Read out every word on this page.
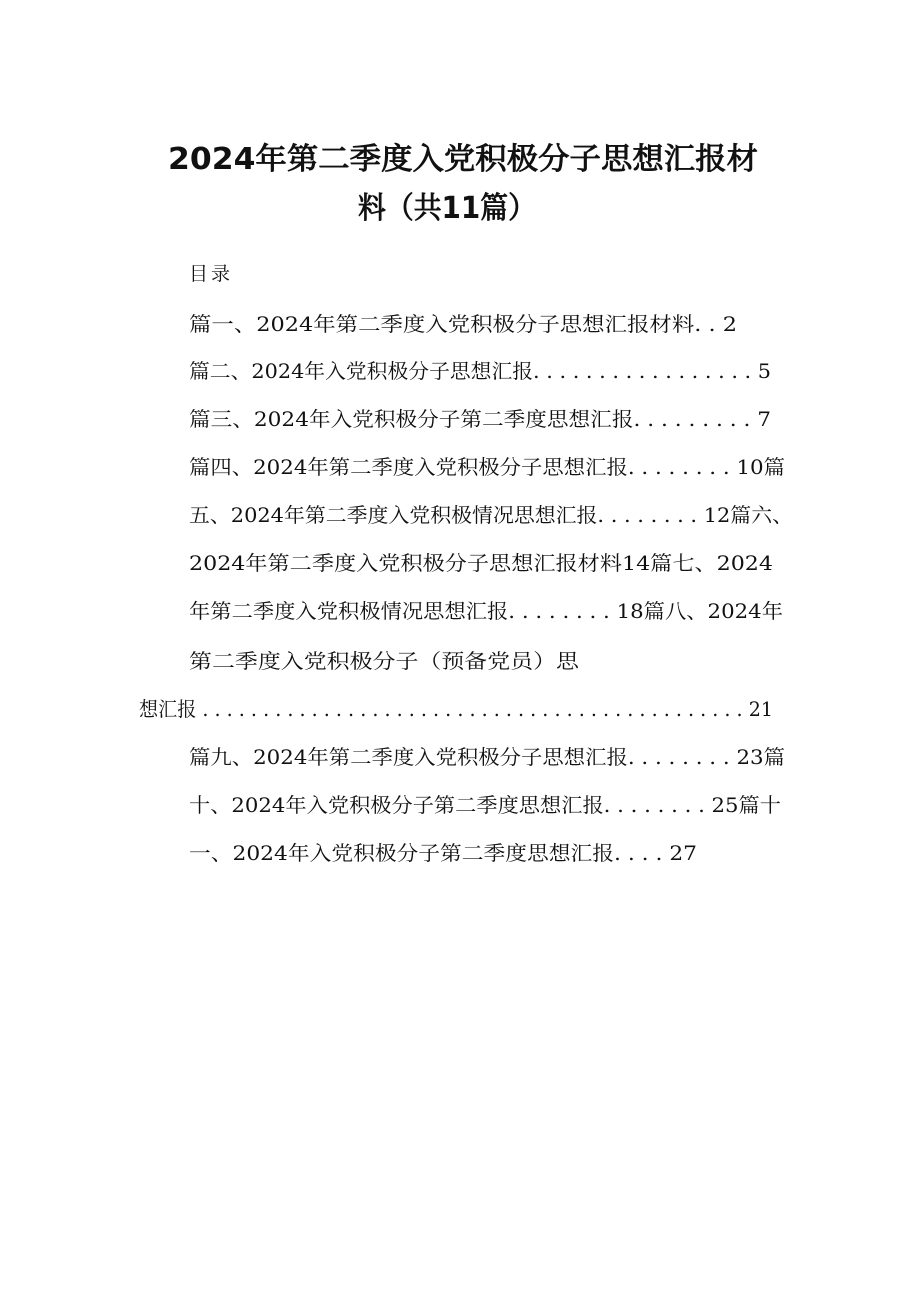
2024年第二季度入党积极分子思想汇报材
料（共11篇）
目录
篇一、2024年第二季度入党积极分子思想汇报材料. . 2
篇二、2024年入党积极分子思想汇报. . . . . . . . . . . . . . . . . 5
篇三、2024年入党积极分子第二季度思想汇报. . . . . . . . . 7
篇四、2024年第二季度入党积极分子思想汇报. . . . . . . . 10篇
五、2024年第二季度入党积极情况思想汇报. . . . . . . . 12篇六、
2024年第二季度入党积极分子思想汇报材料14篇七、2024
年第二季度入党积极情况思想汇报. . . . . . . . 18篇八、2024年
第二季度入党积极分子（预备党员）思
想汇报 . . . . . . . . . . . . . . . . . . . . . . . . . . . . . . . . . . . . . . . . . . . . . 21
篇九、2024年第二季度入党积极分子思想汇报. . . . . . . . 23篇
十、2024年入党积极分子第二季度思想汇报. . . . . . . . 25篇十
一、2024年入党积极分子第二季度思想汇报. . . . 27
